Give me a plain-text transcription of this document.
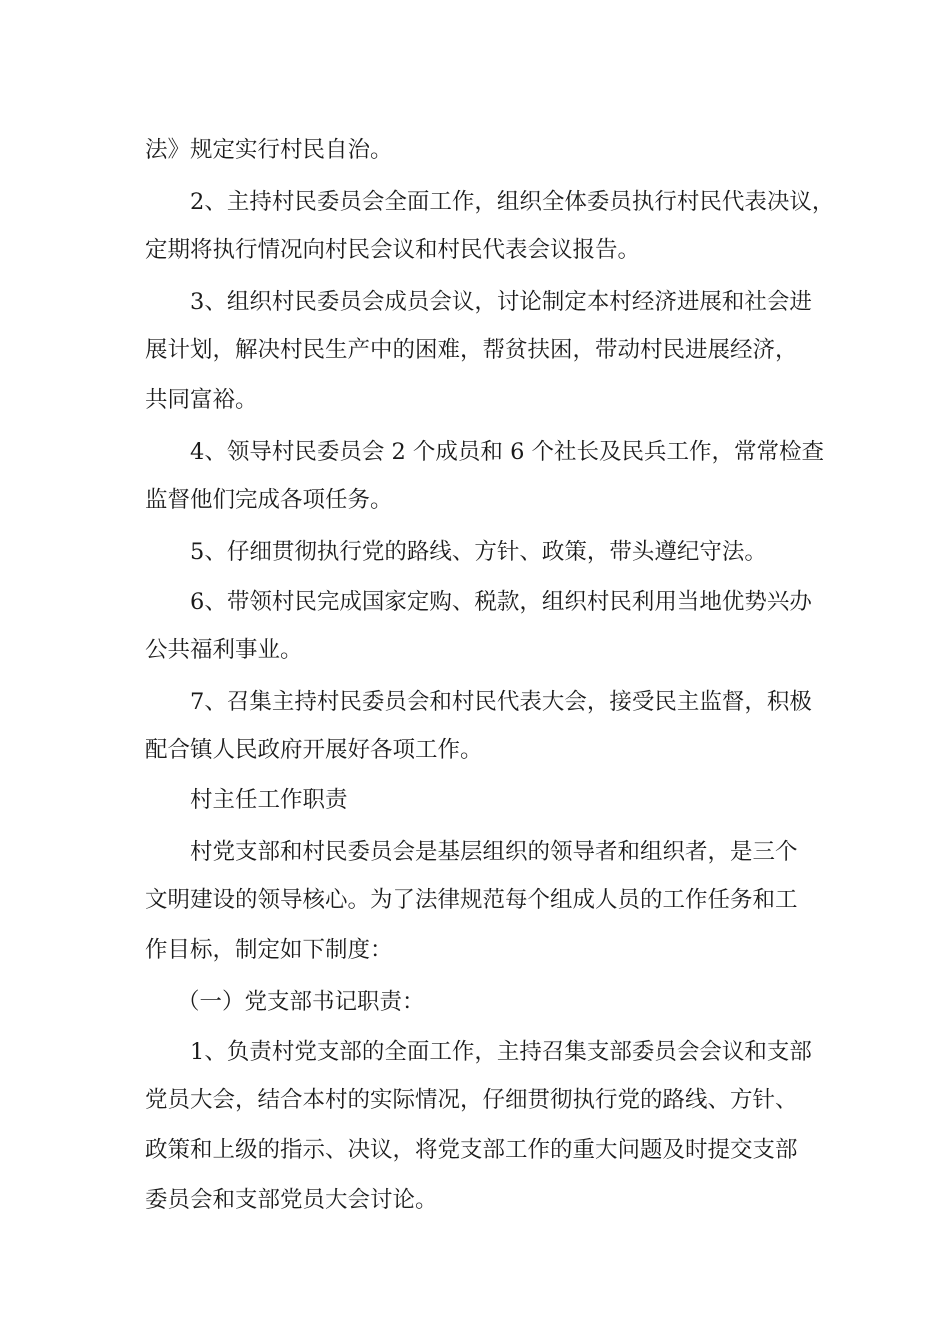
法》规定实行村民自治。
2、主持村民委员会全面工作，组织全体委员执行村民代表决议，
定期将执行情况向村民会议和村民代表会议报告。
3、组织村民委员会成员会议，讨论制定本村经济进展和社会进
展计划，解决村民生产中的困难，帮贫扶困，带动村民进展经济，
共同富裕。
4、领导村民委员会 2 个成员和 6 个社长及民兵工作，常常检查
监督他们完成各项任务。
5、仔细贯彻执行党的路线、方针、政策，带头遵纪守法。
6、带领村民完成国家定购、税款，组织村民利用当地优势兴办
公共福利事业。
7、召集主持村民委员会和村民代表大会，接受民主监督，积极
配合镇人民政府开展好各项工作。
村主任工作职责
村党支部和村民委员会是基层组织的领导者和组织者，是三个
文明建设的领导核心。为了法律规范每个组成人员的工作任务和工
作目标，制定如下制度：
（一）党支部书记职责：
1、负责村党支部的全面工作，主持召集支部委员会会议和支部
党员大会，结合本村的实际情况，仔细贯彻执行党的路线、方针、
政策和上级的指示、决议，将党支部工作的重大问题及时提交支部
委员会和支部党员大会讨论。
